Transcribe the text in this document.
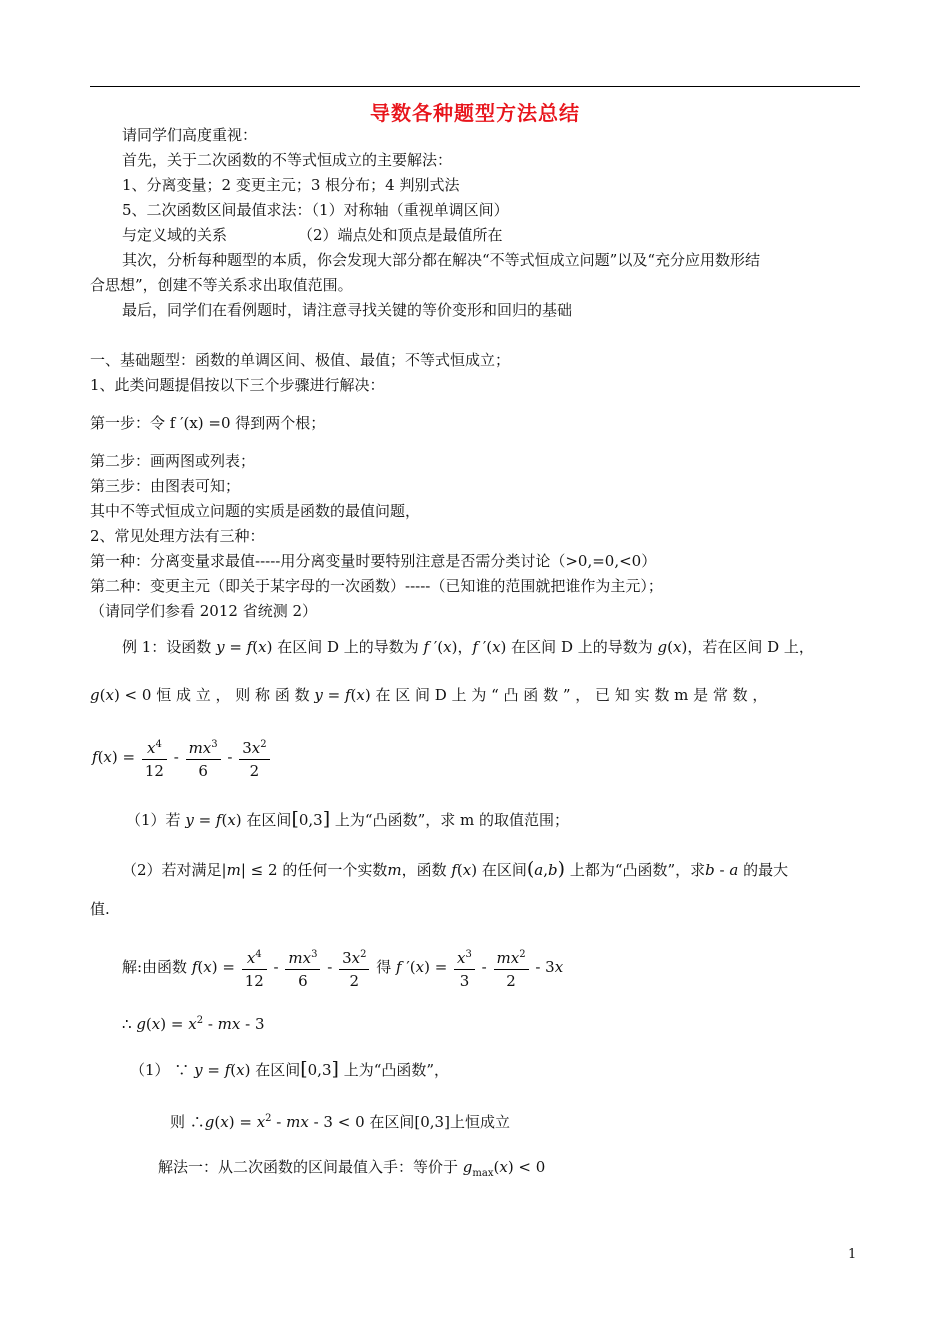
导数各种题型方法总结
请同学们高度重视：
首先，关于二次函数的不等式恒成立的主要解法：
1、分离变量；2 变更主元；3 根分布；4 判别式法
5、二次函数区间最值求法：（1）对称轴（重视单调区间）
与定义域的关系	（2）端点处和顶点是最值所在
其次，分析每种题型的本质，你会发现大部分都在解决“不等式恒成立问题”以及“充分应用数形结
合思想”，创建不等关系求出取值范围。
最后，同学们在看例题时，请注意寻找关键的等价变形和回归的基础
一、基础题型：函数的单调区间、极值、最值；不等式恒成立；
1、此类问题提倡按以下三个步骤进行解决：
第一步：令 f ′(x) =0 得到两个根；
第二步：画两图或列表；
第三步：由图表可知；
其中不等式恒成立问题的实质是函数的最值问题，
2、常见处理方法有三种：
第一种：分离变量求最值-----用分离变量时要特别注意是否需分类讨论（>0,=0,<0）
第二种：变更主元（即关于某字母的一次函数）-----（已知谁的范围就把谁作为主元）；
（请同学们参看 2012 省统测 2）
例 1：设函数 y = f(x) 在区间 D 上的导数为 f ′(x)，f ′(x) 在区间 D 上的导数为 g(x)，若在区间 D 上，
g(x) < 0 恒 成 立 ， 则 称 函 数 y = f(x) 在 区 间 D 上 为 “ 凸 函 数 ” ， 已 知 实 数 m 是 常 数 ，
$f(x) = \frac{x^4}{12} - \frac{mx^3}{6} - \frac{3x^2}{2}$
（1）若 y = f(x) 在区间[0,3] 上为“凸函数”，求 m 的取值范围；
（2）若对满足|m| ≤ 2 的任何一个实数m，函数 f(x) 在区间(a,b) 上都为“凸函数”，求b - a 的最大
值.
解:由函数 $f(x) = \frac{x^4}{12} - \frac{mx^3}{6} - \frac{3x^2}{2}$ 得 f $'(x) = \frac{x^3}{3} - \frac{mx^2}{2} - 3x$
∴ $g(x) = x^2$ - mx - 3
（1） ∵ y = f(x) 在区间[0,3] 上为“凸函数”，
则 ∴g(x) = $x^2$ - mx - 3 < 0 在区间[0,3]上恒成立
解法一：从二次函数的区间最值入手：等价于 $g_{max}(x) < 0$
1
